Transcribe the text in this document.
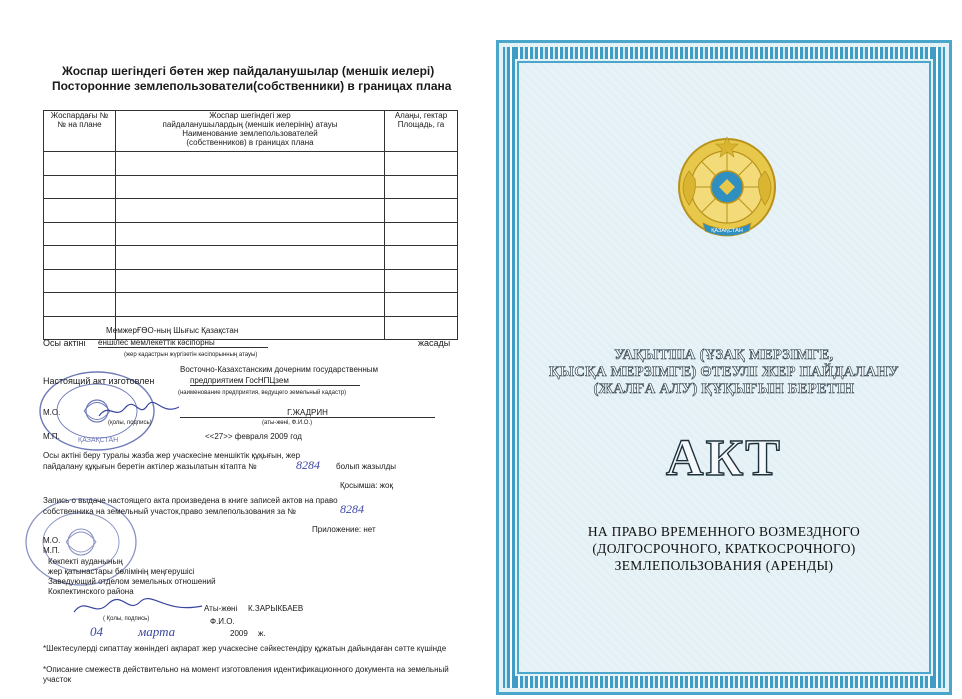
Жоспар шегіндегі бөтен жер пайдаланушылар (меншік иелері)
Посторонние землепользователи(собственники) в границах плана
Жоспардағы №
№ на плане	Жоспар шегіндегі жер
пайдаланушылардың (меншік иелерінің) атауы
Наименование землепользователей
(собственников) в границах плана	Алаңы, гектар
Площадь, га

ҚАЗАҚСТАН
МемжерҒӨО-ның Шығыс Қазақстан
Осы актіні еншілес мемлекеттік кәсіпорны	жасады
(жер кадастрын жүргізетін кәсіпорынның атауы)
Восточно-Казахстанским дочерним государственным
Настоящий акт изготовлен	предприятием ГосНПЦзем
(наименование предприятия, ведущего земельный кадастр)
М.О.	Г.ЖАДРИН
(қолы, подпись)	(аты-жөні, Ф.И.О.)
М.П.	<<27>> февраля 2009 год
Осы актіні беру туралы жазба жер учаскесіне меншіктік құқығын, жер
пайдалану құқығын беретін актілер жазылатын кітапта №	8284 болып жазылды
Қосымша: жоқ
Запись о выдаче настоящего акта произведена в книге записей актов на право
собственника на земельный участок,право землепользования за №	8284
Приложение: нет
М.О.
М.П.
Көкпекті ауданының
жер қатынастары бөлімінің меңгерушісі
Заведующий отделом земельных отношений
Кокпектинского района
Аты-жөні К.ЗАРЫКБАЕВ
( Қолы, подпись)	Ф.И.О.
04	марта	2009 ж.
*Шектесулерді сипаттау жөніндегі ақпарат жер учаскесіне сәйкестендіру құжатын дайындаған сәтте күшінде
*Описание смежеств действительно на момент изготовления идентификационного документа на земельный участок
ҚАЗАҚСТАН
УАҚЫТША (ҰЗАҚ МЕРЗІМГЕ,
ҚЫСҚА МЕРЗІМГЕ) ӨТЕУЛІ ЖЕР ПАЙДАЛАНУ
(ЖАЛҒА АЛУ) ҚҰҚЫҒЫН БЕРЕТІН
АКТ
НА ПРАВО ВРЕМЕННОГО ВОЗМЕЗДНОГО
(ДОЛГОСРОЧНОГО, КРАТКОСРОЧНОГО)
ЗЕМЛЕПОЛЬЗОВАНИЯ (АРЕНДЫ)
